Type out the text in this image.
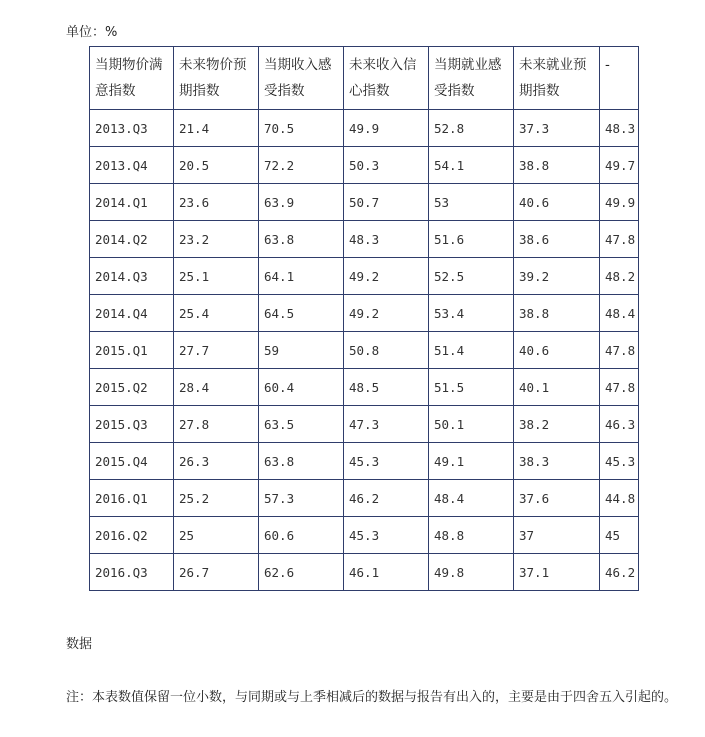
单位：%
当期物价满意指数	未来物价预期指数	当期收入感受指数	未来收入信心指数	当期就业感受指数	未来就业预期指数	-
2013.Q3	21.4	70.5	49.9	52.8	37.3	48.3
2013.Q4	20.5	72.2	50.3	54.1	38.8	49.7
2014.Q1	23.6	63.9	50.7	53	40.6	49.9
2014.Q2	23.2	63.8	48.3	51.6	38.6	47.8
2014.Q3	25.1	64.1	49.2	52.5	39.2	48.2
2014.Q4	25.4	64.5	49.2	53.4	38.8	48.4
2015.Q1	27.7	59	50.8	51.4	40.6	47.8
2015.Q2	28.4	60.4	48.5	51.5	40.1	47.8
2015.Q3	27.8	63.5	47.3	50.1	38.2	46.3
2015.Q4	26.3	63.8	45.3	49.1	38.3	45.3
2016.Q1	25.2	57.3	46.2	48.4	37.6	44.8
2016.Q2	25	60.6	45.3	48.8	37	45
2016.Q3	26.7	62.6	46.1	49.8	37.1	46.2
数据
注：本表数值保留一位小数，与同期或与上季相减后的数据与报告有出入的，主要是由于四舍五入引起的。
